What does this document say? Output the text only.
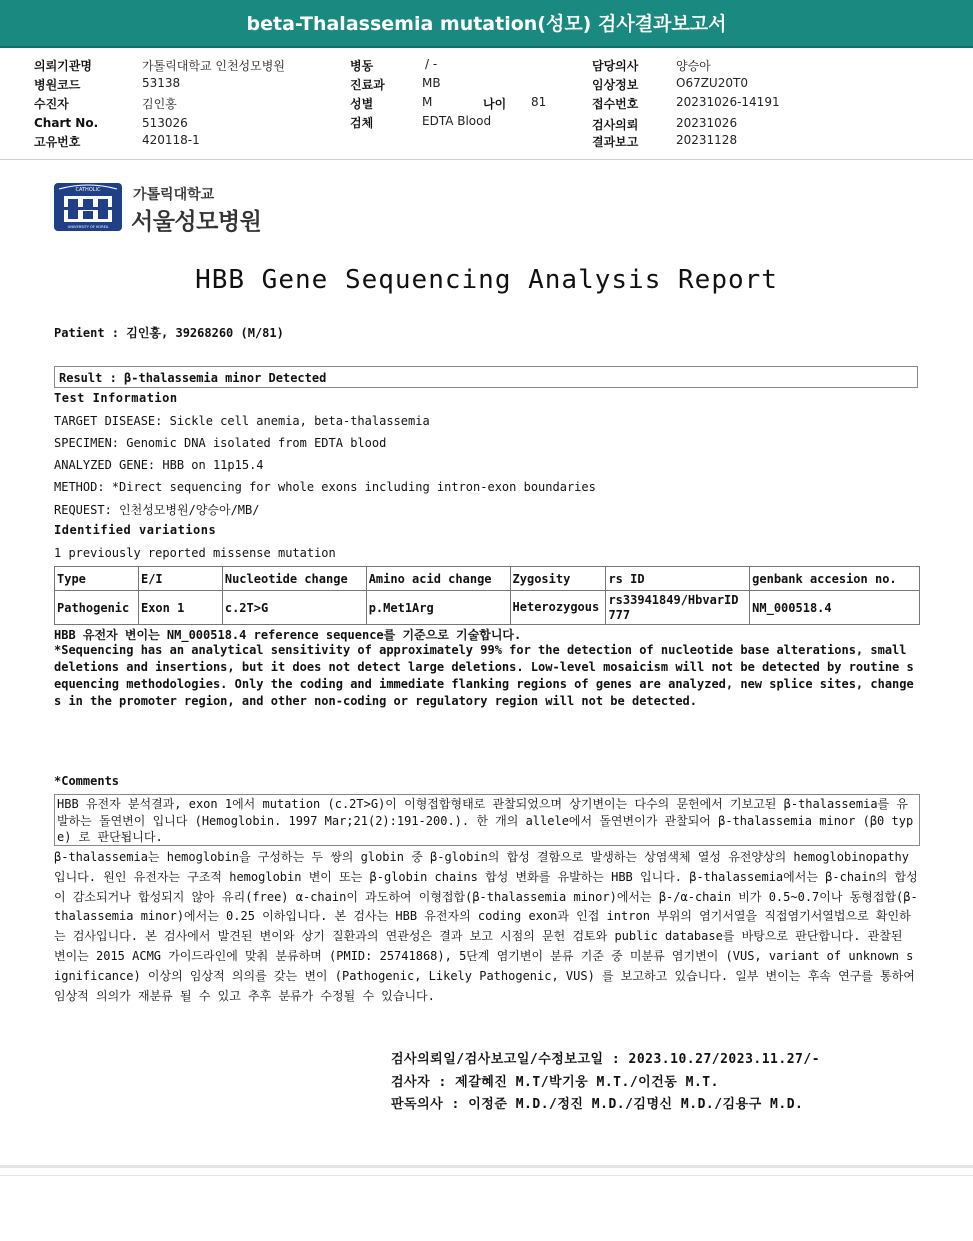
beta-Thalassemia mutation(성모) 검사결과보고서
의뢰기관명	가톨릭대학교 인천성모병원
병원코드	53138
수진자	김인홍
Chart No.	513026
고유번호	420118-1
병동	/ -
진료과	MB
성별	M	나이 81
검체	EDTA Blood
담당의사	양승아
임상정보	O67ZU20T0
접수번호	20231026-14191
검사의뢰	20231026
결과보고	20231128
CATHOLIC
UNIVERSITY OF KOREA
가톨릭대학교
서울성모병원
HBB Gene Sequencing Analysis Report
Patient : 김인홍, 39268260 (M/81)
Result : β-thalassemia minor Detected
Test Information
TARGET DISEASE: Sickle cell anemia, beta-thalassemia
SPECIMEN: Genomic DNA isolated from EDTA blood
ANALYZED GENE: HBB on 11p15.4
METHOD: *Direct sequencing for whole exons including intron-exon boundaries
REQUEST: 인천성모병원/양승아/MB/
Identified variations
1 previously reported missense mutation
Type	E/I	Nucleotide change	Amino acid change	Zygosity	rs ID	genbank accesion no.
Pathogenic	Exon 1	c.2T>G	p.Met1Arg	Heterozygous	rs33941849/HbvarID 777	NM_000518.4
HBB 유전자 변이는 NM_000518.4 reference sequence를 기준으로 기술합니다.
*Sequencing has an analytical sensitivity of approximately 99% for the detection of nucleotide base alterations, small deletions and insertions, but it does not detect large deletions. Low-level mosaicism will not be detected by routine sequencing methodologies. Only the coding and immediate flanking regions of genes are analyzed, new splice sites, changes in the promoter region, and other non-coding or regulatory region will not be detected.
*Comments
HBB 유전자 분석결과, exon 1에서 mutation (c.2T>G)이 이형접합형태로 관찰되었으며 상기변이는 다수의 문헌에서 기보고된 β-thalassemia를 유발하는 돌연변이 입니다 (Hemoglobin. 1997 Mar;21(2):191-200.). 한 개의 allele에서 돌연변이가 관찰되어 β-thalassemia minor (β0 type) 로 판단됩니다.
β-thalassemia는 hemoglobin을 구성하는 두 쌍의 globin 중 β-globin의 합성 결함으로 발생하는 상염색체 열성 유전양상의 hemoglobinopathy입니다. 원인 유전자는 구조적 hemoglobin 변이 또는 β-globin chains 합성 변화를 유발하는 HBB 입니다. β-thalassemia에서는 β-chain의 합성이 감소되거나 합성되지 않아 유리(free) α-chain이 과도하여 이형접합(β-thalassemia minor)에서는 β-/α-chain 비가 0.5~0.7이나 동형접합(β-thalassemia minor)에서는 0.25 이하입니다. 본 검사는 HBB 유전자의 coding exon과 인접 intron 부위의 염기서열을 직접염기서열법으로 확인하는 검사입니다. 본 검사에서 발견된 변이와 상기 질환과의 연관성은 결과 보고 시점의 문헌 검토와 public database를 바탕으로 판단합니다. 관찰된 변이는 2015 ACMG 가이드라인에 맞춰 분류하며 (PMID: 25741868), 5단계 염기변이 분류 기준 중 미분류 염기변이 (VUS, variant of unknown significance) 이상의 임상적 의의를 갖는 변이 (Pathogenic, Likely Pathogenic, VUS) 를 보고하고 있습니다. 일부 변이는 후속 연구를 통하여 임상적 의의가 재분류 될 수 있고 추후 분류가 수정될 수 있습니다.
검사의뢰일/검사보고일/수정보고일 : 2023.10.27/2023.11.27/-
검사자 : 제갈혜진 M.T/박기웅 M.T./이건동 M.T.
판독의사 : 이정준 M.D./정진 M.D./김명신 M.D./김용구 M.D.
